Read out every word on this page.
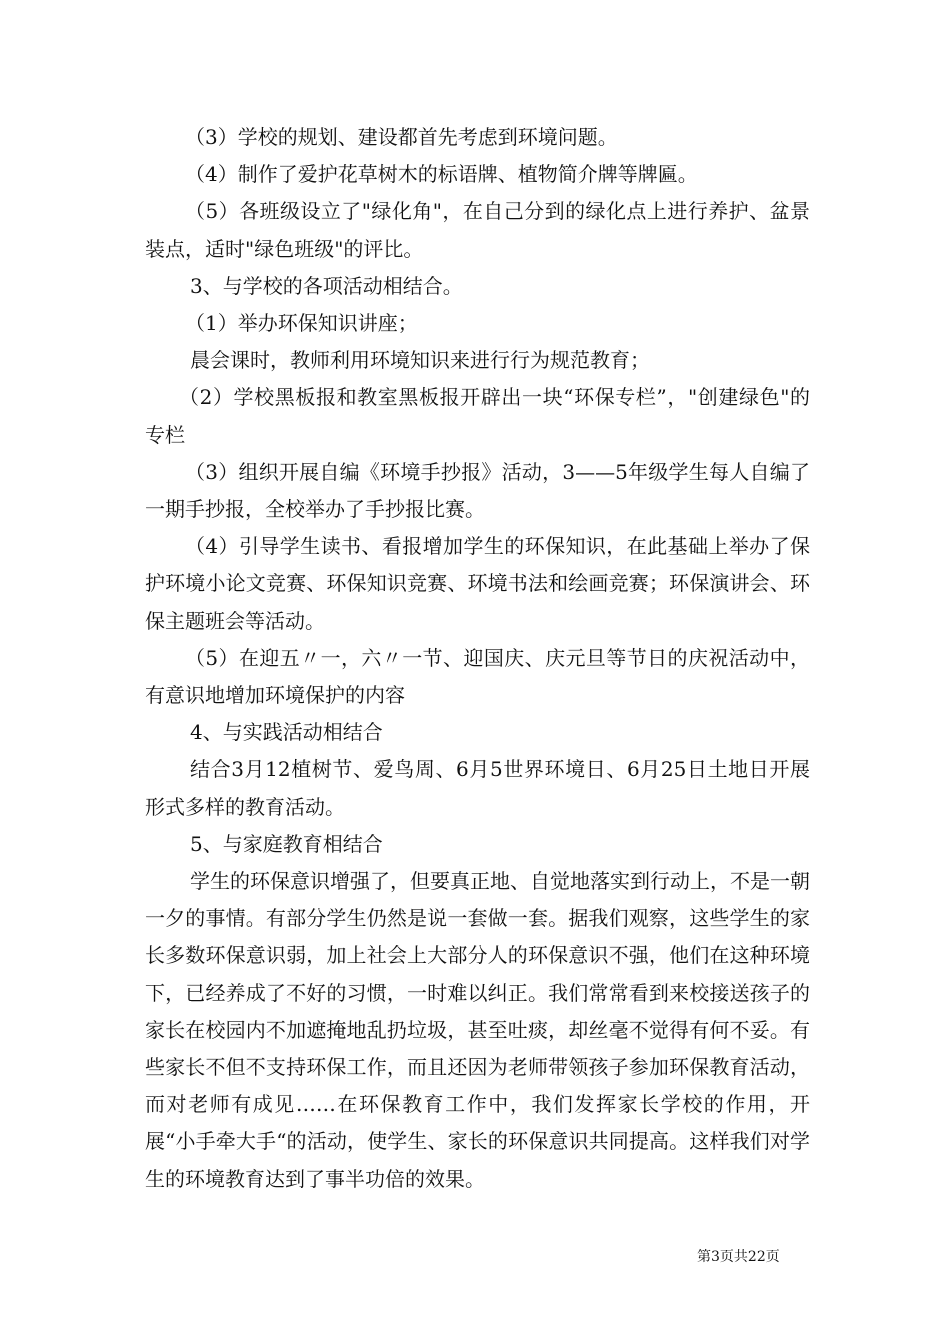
（3）学校的规划、建设都首先考虑到环境问题。

（4）制作了爱护花草树木的标语牌、植物简介牌等牌匾。

（5）各班级设立了"绿化角"，在自己分到的绿化点上进行养护、盆景装点，适时"绿色班级"的评比。

3、与学校的各项活动相结合。

（1）举办环保知识讲座；

晨会课时，教师利用环境知识来进行行为规范教育；

（2）学校黑板报和教室黑板报开辟出一块“环保专栏”，"创建绿色"的专栏

（3）组织开展自编《环境手抄报》活动，3——5年级学生每人自编了一期手抄报，全校举办了手抄报比赛。

（4）引导学生读书、看报增加学生的环保知识，在此基础上举办了保护环境小论文竞赛、环保知识竞赛、环境书法和绘画竞赛；环保演讲会、环保主题班会等活动。

（5）在迎五〃一，六〃一节、迎国庆、庆元旦等节日的庆祝活动中，有意识地增加环境保护的内容

4、与实践活动相结合

结合3月12植树节、爱鸟周、6月5世界环境日、6月25日土地日开展形式多样的教育活动。

5、与家庭教育相结合

学生的环保意识增强了，但要真正地、自觉地落实到行动上，不是一朝一夕的事情。有部分学生仍然是说一套做一套。据我们观察，这些学生的家长多数环保意识弱，加上社会上大部分人的环保意识不强，他们在这种环境下，已经养成了不好的习惯，一时难以纠正。我们常常看到来校接送孩子的家长在校园内不加遮掩地乱扔垃圾，甚至吐痰，却丝毫不觉得有何不妥。有些家长不但不支持环保工作，而且还因为老师带领孩子参加环保教育活动，而对老师有成见……在环保教育工作中，我们发挥家长学校的作用，开展“小手牵大手“的活动，使学生、家长的环保意识共同提高。这样我们对学生的环境教育达到了事半功倍的效果。

第3页共22页
